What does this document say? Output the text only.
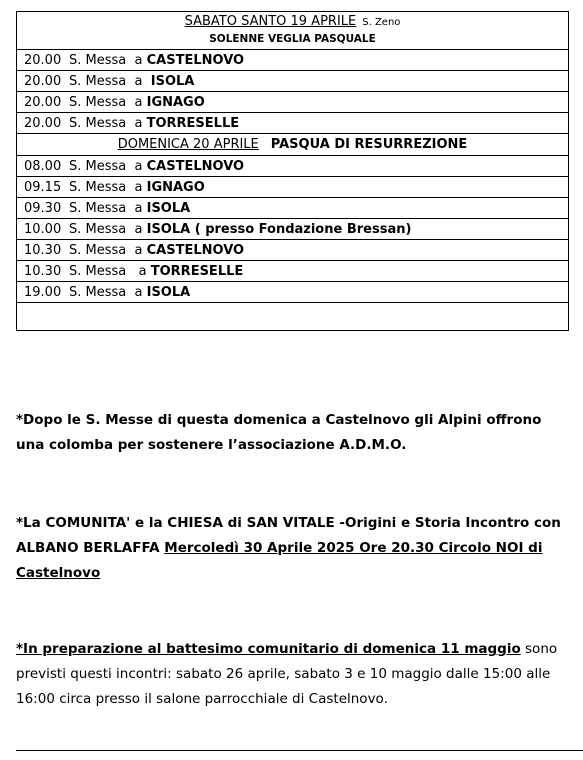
SABATO SANTO 19 APRILE S. Zeno
SOLENNE VEGLIA PASQUALE
20.00 S. Messa  a CASTELNOVO
20.00 S. Messa  a  ISOLA
20.00 S. Messa  a IGNAGO
20.00 S. Messa  a TORRESELLE
DOMENICA 20 APRILE PASQUA DI RESURREZIONE
08.00 S. Messa  a CASTELNOVO
09.15 S. Messa  a IGNAGO
09.30 S. Messa  a ISOLA
10.00 S. Messa  a ISOLA ( presso Fondazione Bressan)
10.30 S. Messa  a CASTELNOVO
10.30 S. Messa   a TORRESELLE
19.00 S. Messa  a ISOLA
*Dopo le S. Messe di questa domenica a Castelnovo gli Alpini offrono una colomba per sostenere l’associazione A.D.M.O.
*La COMUNITA' e la CHIESA di SAN VITALE -Origini e Storia Incontro con ALBANO BERLAFFA Mercoledì 30 Aprile 2025 Ore 20.30 Circolo NOI di Castelnovo
*In preparazione al battesimo comunitario di domenica 11 maggio sono previsti questi incontri: sabato 26 aprile, sabato 3 e 10 maggio dalle 15:00 alle 16:00 circa presso il salone parrocchiale di Castelnovo.
